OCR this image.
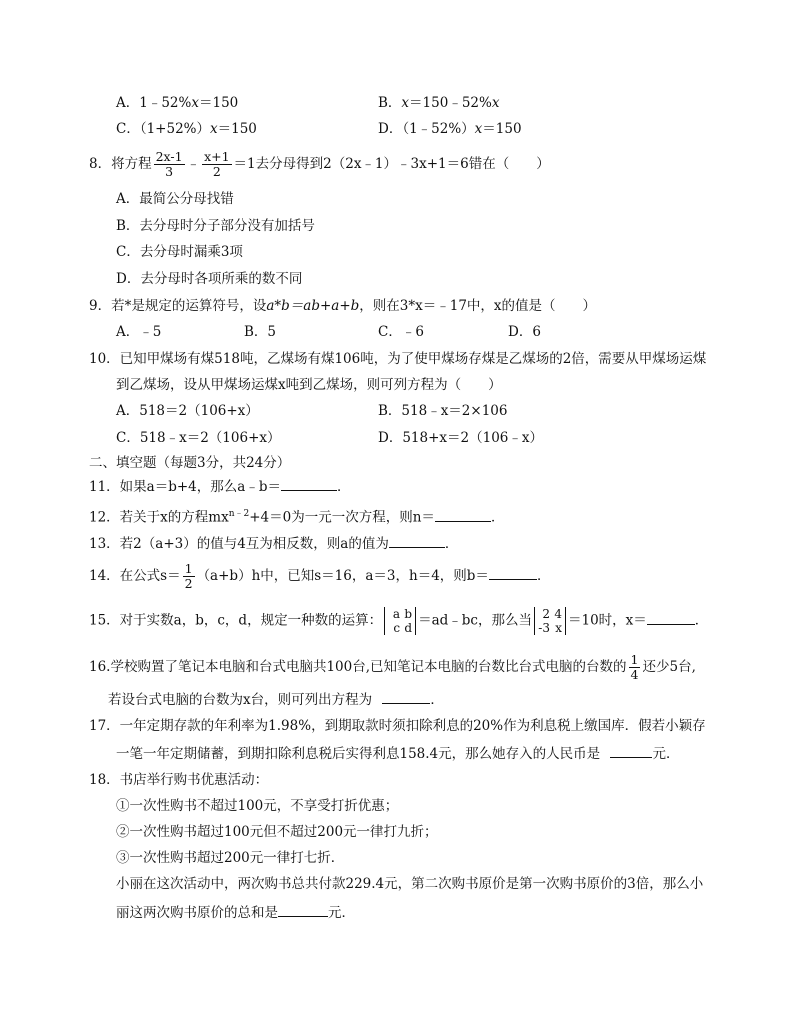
A．1﹣52%x＝150	B．x＝150﹣52%x
C．（1+52%）x＝150	D．（1﹣52%）x＝150
8．将方程 $\frac{2x-1}{3}$ ﹣ $\frac{x+1}{2} =1$去分母得到2（2x﹣1）﹣3x+1＝6错在（　　）
A．最简公分母找错
B．去分母时分子部分没有加括号
C．去分母时漏乘3项
D．去分母时各项所乘的数不同
9．若*是规定的运算符号，设a*b＝ab+a+b，则在3*x＝﹣17中，x的值是（　　）
A．﹣5	B．5	C．﹣6	D．6
10．已知甲煤场有煤518吨，乙煤场有煤106吨，为了使甲煤场存煤是乙煤场的2倍，需要从甲煤场运煤
到乙煤场，设从甲煤场运煤x吨到乙煤场，则可列方程为（　　）
A．518＝2（106+x）	B．518﹣x＝2×106
C．518﹣x＝2（106+x）	D．518+x＝2（106﹣x）
二、填空题（每题3分，共24分）
11．如果a＝b+4，那么a﹣b＝	．
12．若关于x的方程$mx^{n﹣2}+4=0$为一元一次方程，则n＝	．
13．若2（a+3）的值与4互为相反数，则a的值为	．
14．在公式$s= \frac{1}{2} (a+b)h$中，已知s＝16，a＝3，h＝4，则b＝	．
15．对于实数a，b，c，d，规定一种数的运算： a b
c d ＝ad﹣bc，那么当 2 4
-3 x ＝10时，x＝	．
16.学校购置了笔记本电脑和台式电脑共100台,已知笔记本电脑的台数比台式电脑的台数的 $\frac{1}{4}$ 还少5台,
若设台式电脑的台数为x台，则可列出方程为	．
17．一年定期存款的年利率为1.98%，到期取款时须扣除利息的20%作为利息税上缴国库．假若小颖存
一笔一年定期储蓄，到期扣除利息税后实得利息158.4元，那么她存入的人民币是	元．
18．书店举行购书优惠活动：
①一次性购书不超过100元，不享受打折优惠；
②一次性购书超过100元但不超过200元一律打九折；
③一次性购书超过200元一律打七折．
小丽在这次活动中，两次购书总共付款229.4元，第二次购书原价是第一次购书原价的3倍，那么小
丽这两次购书原价的总和是	元．
